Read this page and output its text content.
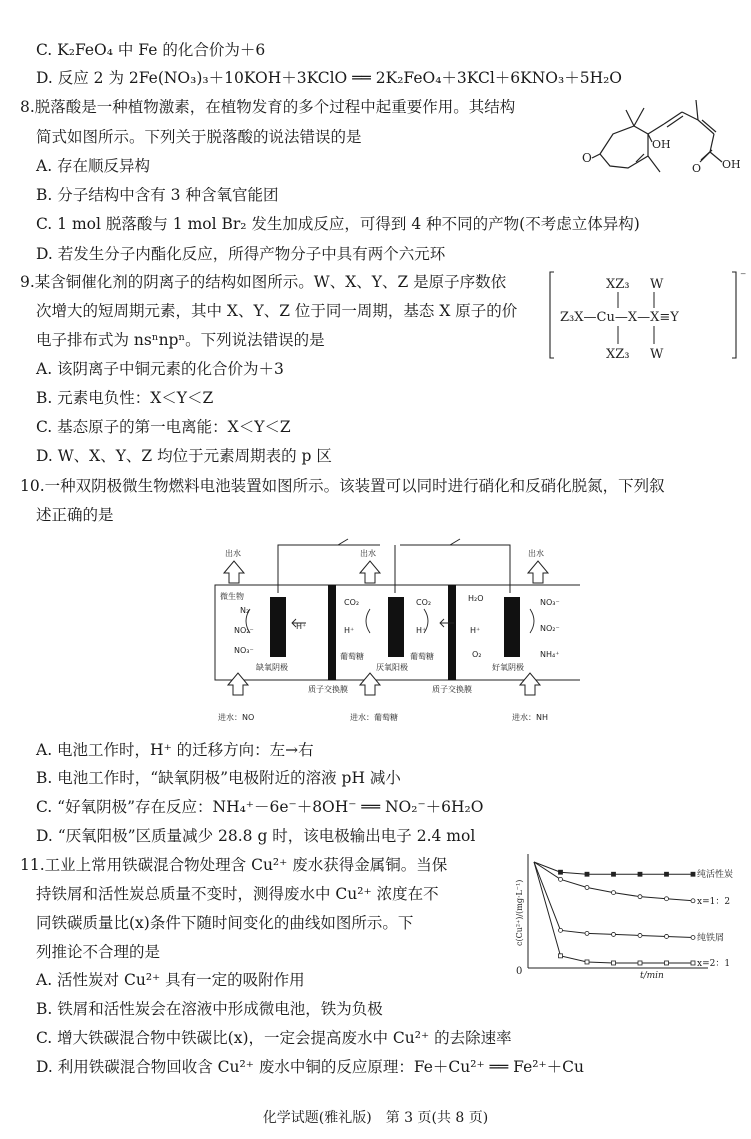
C. K₂FeO₄ 中 Fe 的化合价为＋6
D. 反应 2 为 2Fe(NO₃)₃＋10KOH＋3KClO ══ 2K₂FeO₄＋3KCl＋6KNO₃＋5H₂O
8.脱落酸是一种植物激素，在植物发育的多个过程中起重要作用。其结构
简式如图所示。下列关于脱落酸的说法错误的是
A. 存在顺反异构
B. 分子结构中含有 3 种含氧官能团
C. 1 mol 脱落酸与 1 mol Br₂ 发生加成反应，可得到 4 种不同的产物(不考虑立体异构)
D. 若发生分子内酯化反应，所得产物分子中具有两个六元环
O
OH
O OH
9.某含铜催化剂的阴离子的结构如图所示。W、X、Y、Z 是原子序数依
次增大的短周期元素，其中 X、Y、Z 位于同一周期，基态 X 原子的价
电子排布式为 nsⁿnpⁿ。下列说法错误的是
A. 该阴离子中铜元素的化合价为＋3
B. 元素电负性：X＜Y＜Z
C. 基态原子的第一电离能：X＜Y＜Z
D. W、X、Y、Z 均位于元素周期表的 p 区
⁻
XZ₃ W
Z₃X—Cu—X—X≡Y
XZ₃ W
10.一种双阴极微生物燃料电池装置如图所示。该装置可以同时进行硝化和反硝化脱氮，下列叙
述正确的是
出水	出水	出水
进水：NO	进水：葡萄糖	进水：NH
质子交换膜	质子交换膜
缺氧阴极	厌氧阳极	好氧阴极
微生物
N₂
NO₂⁻
NO₃⁻
H⁺
CO₂
H⁺
葡萄糖
CO₂
H⁺
葡萄糖
H₂O
H⁺
O₂
NO₃⁻
NO₂⁻
NH₄⁺
A. 电池工作时，H⁺ 的迁移方向：左→右
B. 电池工作时，“缺氧阴极”电极附近的溶液 pH 减小
C. “好氧阴极”存在反应：NH₄⁺－6e⁻＋8OH⁻ ══ NO₂⁻＋6H₂O
D. “厌氧阳极”区质量减少 28.8 g 时，该电极输出电子 2.4 mol
11.工业上常用铁碳混合物处理含 Cu²⁺ 废水获得金属铜。当保
持铁屑和活性炭总质量不变时，测得废水中 Cu²⁺ 浓度在不
同铁碳质量比(x)条件下随时间变化的曲线如图所示。下
列推论不合理的是
A. 活性炭对 Cu²⁺ 具有一定的吸附作用
B. 铁屑和活性炭会在溶液中形成微电池，铁为负极
C. 增大铁碳混合物中铁碳比(x)，一定会提高废水中 Cu²⁺ 的去除速率
D. 利用铁碳混合物回收含 Cu²⁺ 废水中铜的反应原理：Fe＋Cu²⁺ ══ Fe²⁺＋Cu
0	t/min
c(Cu²⁺)/(mg·L⁻¹)
纯活性炭
x=1：2
纯铁屑
x=2：1
化学试题(雅礼版)　第 3 页(共 8 页)
